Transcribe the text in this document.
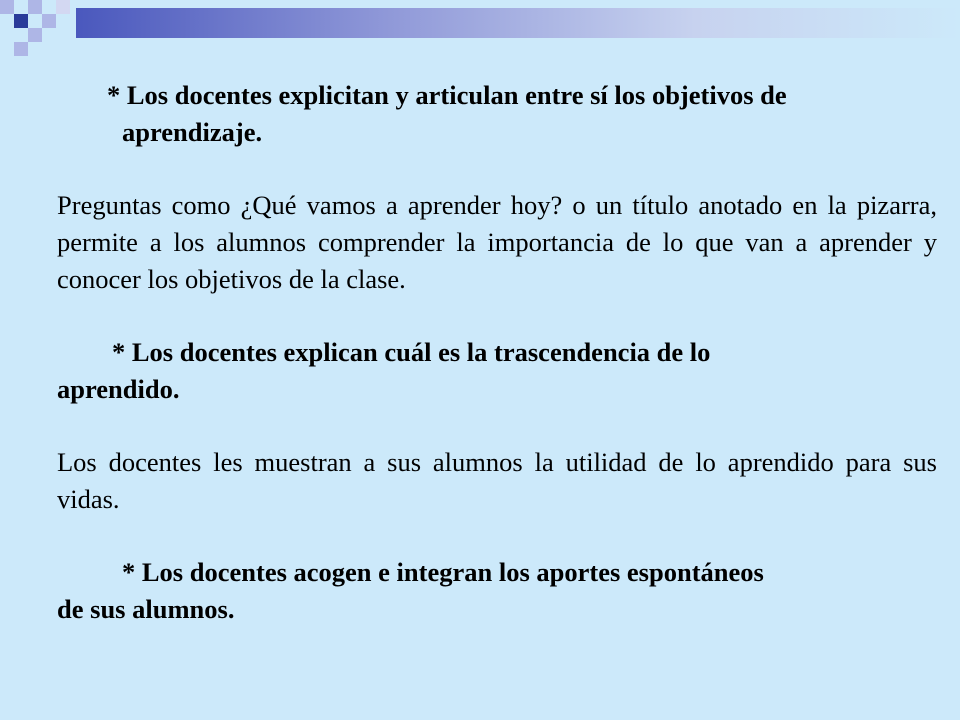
* Los docentes explicitan y articulan entre sí los objetivos de
aprendizaje.

Preguntas como ¿Qué vamos a aprender hoy? o un título anotado en la pizarra, permite a los alumnos comprender la importancia de lo que van a aprender y conocer los objetivos de la clase.

* Los docentes explican cuál es la trascendencia de lo
aprendido.

Los docentes les muestran a sus alumnos la utilidad de lo aprendido para sus vidas.

* Los docentes acogen e integran los aportes espontáneos
de sus alumnos.
